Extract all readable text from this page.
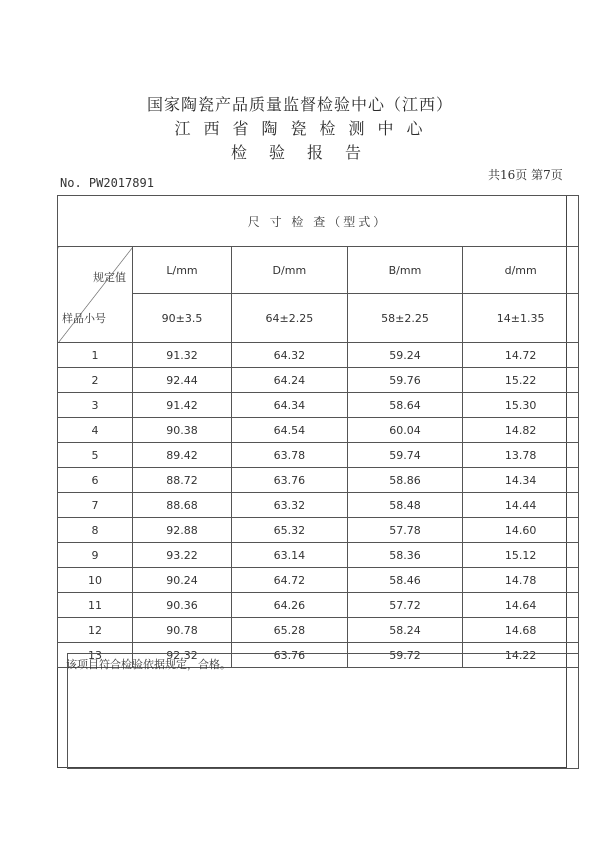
国家陶瓷产品质量监督检验中心（江西）
江西省陶瓷检测中心
检验报告
No. PW2017891
共16页 第7页
尺 寸 检 查（型式）				

规定值
样品小号	L/mm	D/mm	B/mm	d/mm
	90±3.5	64±2.25	58±2.25	14±1.35
1	91.32	64.32	59.24	14.72
2	92.44	64.24	59.76	15.22
3	91.42	64.34	58.64	15.30
4	90.38	64.54	60.04	14.82
5	89.42	63.78	59.74	13.78
6	88.72	63.76	58.86	14.34
7	88.68	63.32	58.48	14.44
8	92.88	65.32	57.78	14.60
9	93.22	63.14	58.36	15.12
10	90.24	64.72	58.46	14.78
11	90.36	64.26	57.72	14.64
12	90.78	65.28	58.24	14.68
13	92.32	63.76	59.72	14.22
该项目符合检验依据规定，合格。
